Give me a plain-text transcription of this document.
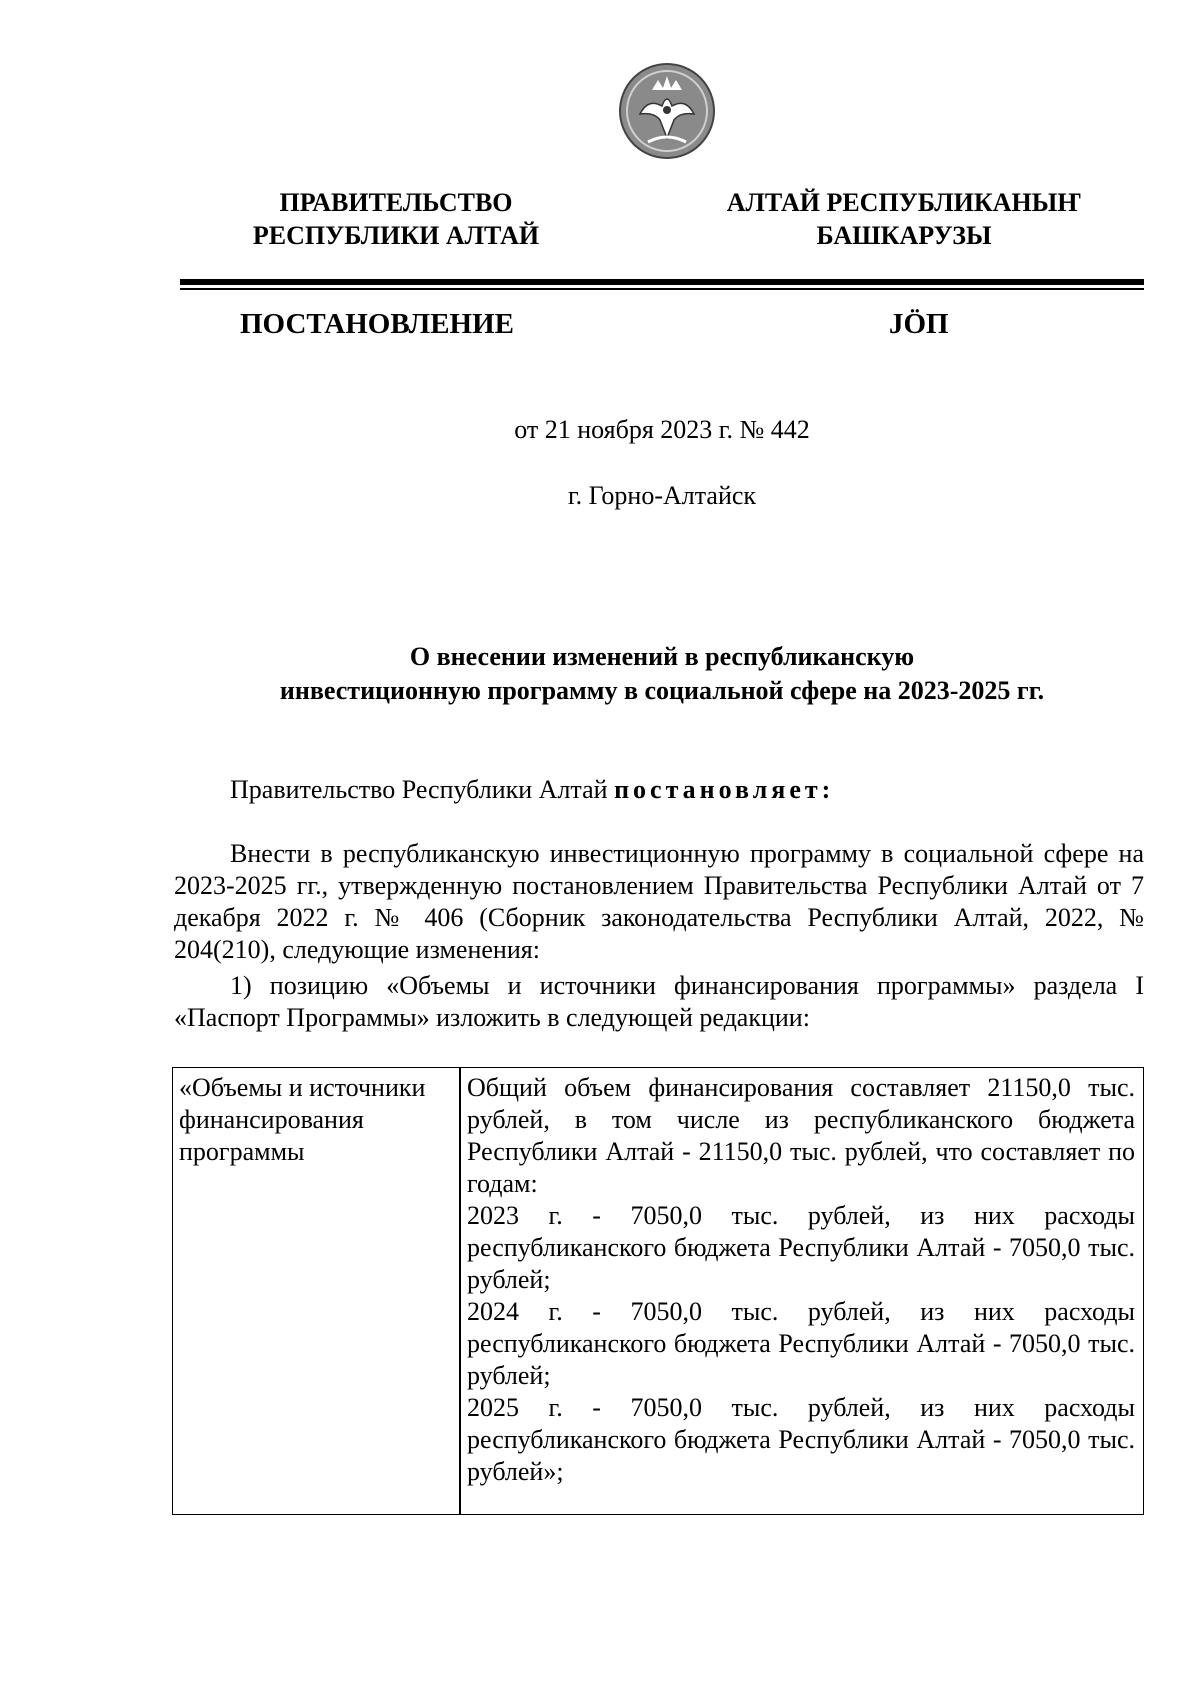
ПРАВИТЕЛЬСТВО
РЕСПУБЛИКИ АЛТАЙ
АЛТАЙ РЕСПУБЛИКАНЫҤ
БАШКАРУЗЫ
ПОСТАНОВЛЕНИЕ	JÖП
от 21 ноября 2023 г. № 442
г. Горно-Алтайск
О внесении изменений в республиканскую
инвестиционную программу в социальной сфере на 2023-2025 гг.
Правительство Республики Алтай постановляет:

Внести в республиканскую инвестиционную программу в социальной сфере на 2023-2025 гг., утвержденную постановлением Правительства Республики Алтай от 7 декабря 2022 г. № 406 (Сборник законодательства Республики Алтай, 2022, № 204(210), следующие изменения:

1) позицию «Объемы и источники финансирования программы» раздела I «Паспорт Программы» изложить в следующей редакции:

«Объемы и источники финансирования программы

Общий объем финансирования составляет 21150,0 тыс. рублей, в том числе из республиканского бюджета Республики Алтай - 21150,0 тыс. рублей, что составляет по годам:

2023 г. - 7050,0 тыс. рублей, из них расходы республиканского бюджета Республики Алтай - 7050,0 тыс. рублей;

2024 г. - 7050,0 тыс. рублей, из них расходы республиканского бюджета Республики Алтай - 7050,0 тыс. рублей;

2025 г. - 7050,0 тыс. рублей, из них расходы республиканского бюджета Республики Алтай - 7050,0 тыс. рублей»;
